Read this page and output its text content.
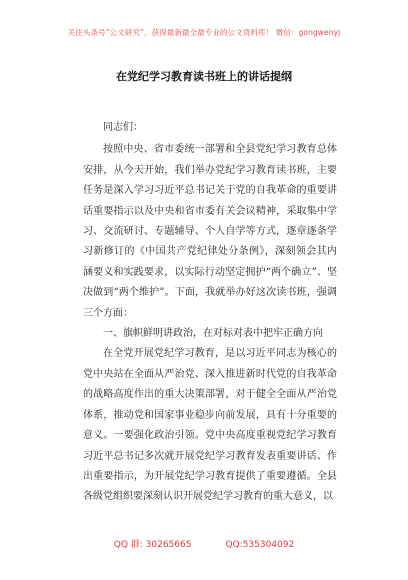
关注头条号“公文研究”，获得最新最全最专业的公文资料库！ 微信：gongwenyj
在党纪学习教育读书班上的讲话提纲

同志们：

按照中央、省市委统一部署和全县党纪学习教育总体安排，从今天开始，我们举办党纪学习教育读书班，主要任务是深入学习习近平总书记关于党的自我革命的重要讲话重要指示以及中央和省市委有关会议精神，采取集中学习、交流研讨、专题辅导、个人自学等方式，逐章逐条学习新修订的《中国共产党纪律处分条例》，深刻领会其内涵要义和实践要求，以实际行动坚定拥护“两个确立”、坚决做到“两个维护”。下面，我就举办好这次读书班，强调三个方面：

一、旗帜鲜明讲政治，在对标对表中把牢正确方向

在全党开展党纪学习教育，是以习近平同志为核心的党中央站在全面从严治党、深入推进新时代党的自我革命的战略高度作出的重大决策部署，对于健全全面从严治党体系，推动党和国家事业稳步向前发展，具有十分重要的意义。一要强化政治引领。党中央高度重视党纪学习教育习近平总书记多次就开展党纪学习教育发表重要讲话、作出重要指示，为开展党纪学习教育提供了重要遵循。全县各级党组织要深刻认识开展党纪学习教育的重大意义，以

QQ 群: 30265665	QQ:535304092
